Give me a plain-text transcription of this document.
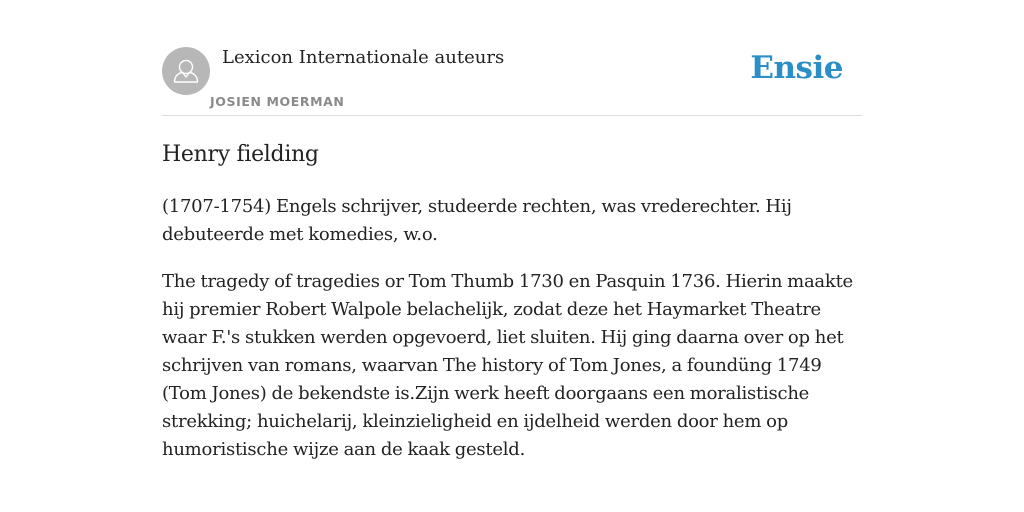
Lexicon Internationale auteurs
JOSIEN MOERMAN
Ensie
Henry fielding

(1707-1754) Engels schrijver, studeerde rechten, was vrederechter. Hij debuteerde met komedies, w.o.

The tragedy of tragedies or Tom Thumb 1730 en Pasquin 1736. Hierin maakte hij premier Robert Walpole belachelijk, zodat deze het Haymarket Theatre waar F.'s stukken werden opgevoerd, liet sluiten. Hij ging daarna over op het schrijven van romans, waarvan The history of Tom Jones, a foundüng 1749 (Tom Jones) de bekendste is.Zijn werk heeft doorgaans een moralistische strekking; huichelarij, kleinzieligheid en ijdelheid werden door hem op humoristische wijze aan de kaak gesteld.
